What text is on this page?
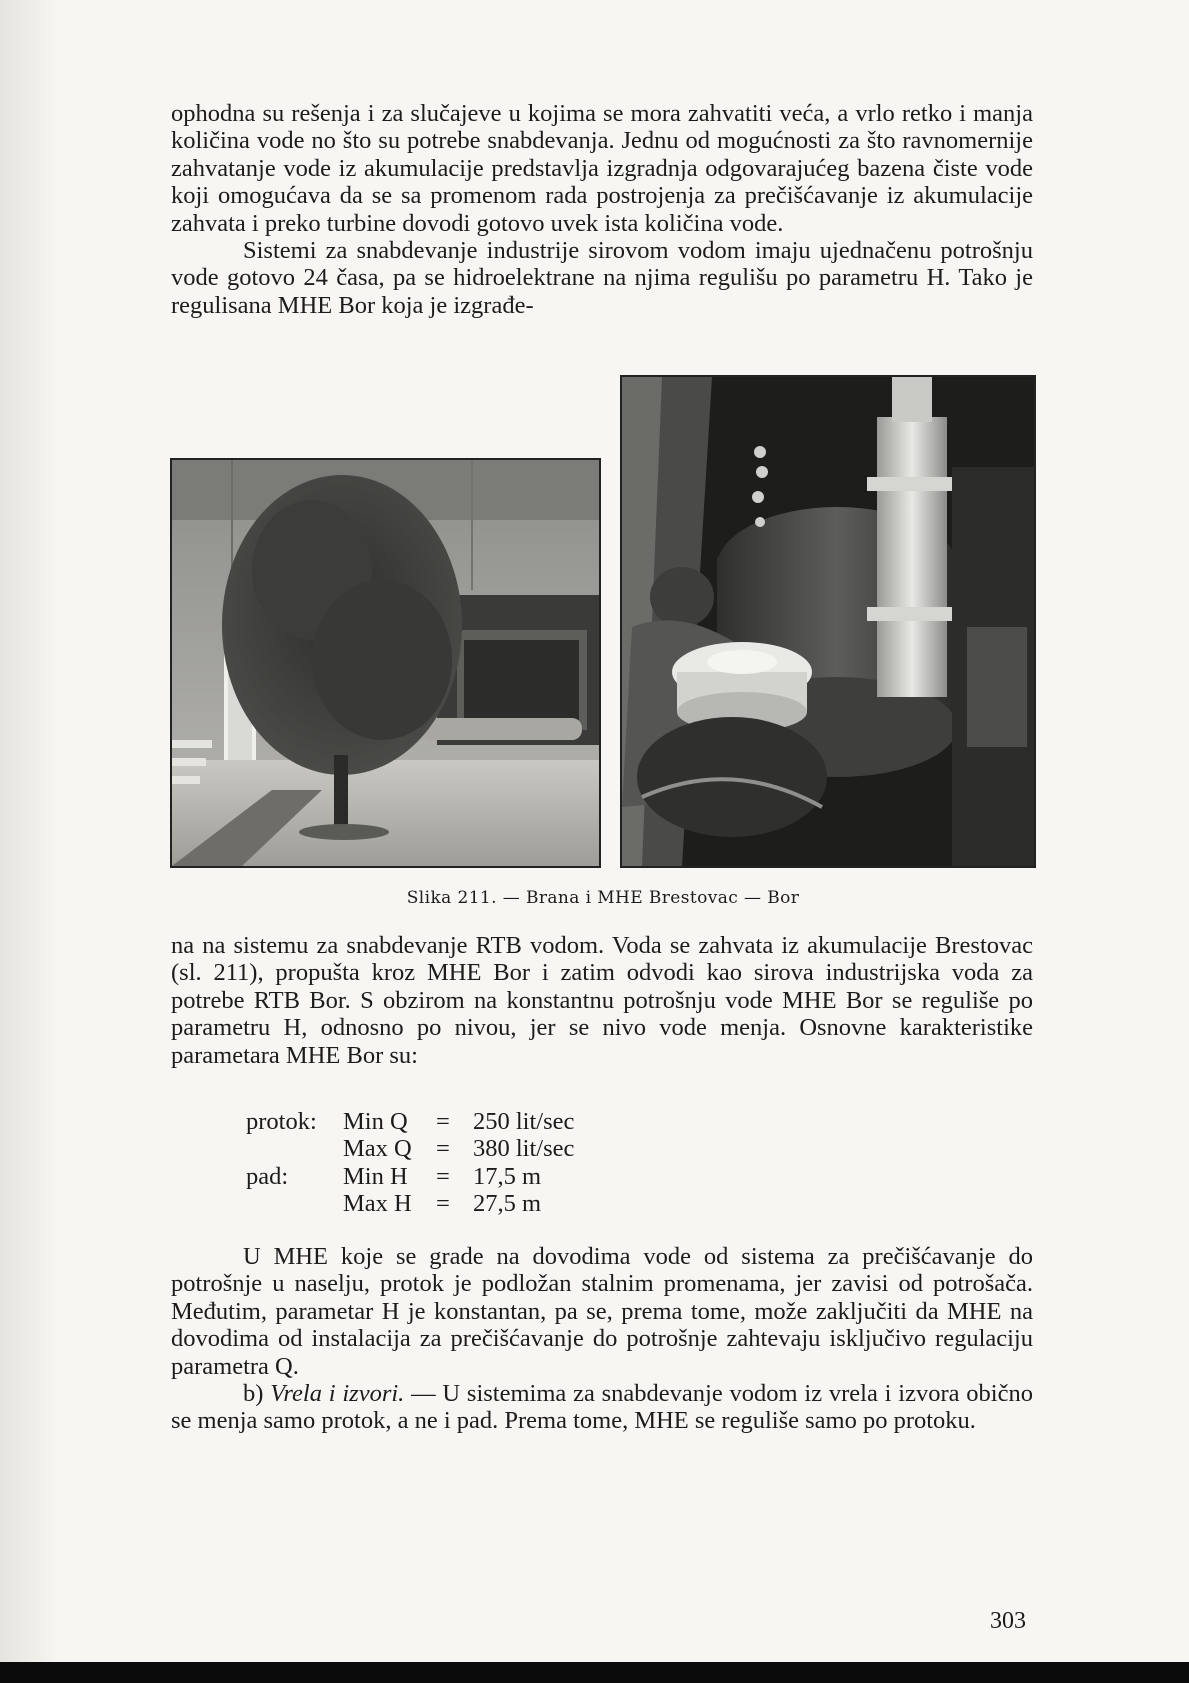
ophodna su rešenja i za slučajeve u kojima se mora zahvatiti veća, a vrlo retko i manja količina vode no što su potrebe snabdevanja. Jednu od mogućnosti za što ravnomernije zahvatanje vode iz akumulacije predstavlja izgradnja odgovarajućeg bazena čiste vode koji omogućava da se sa promenom rada postrojenja za prečišćavanje iz akumulacije zahvata i preko turbine dovodi gotovo uvek ista količina vode.

Sistemi za snabdevanje industrije sirovom vodom imaju ujednačenu potrošnju vode gotovo 24 časa, pa se hidroelektrane na njima regulišu po parametru H. Tako je regulisana MHE Bor koja je izgrađe-

Slika 211. — Brana i MHE Brestovac — Bor

na na sistemu za snabdevanje RTB vodom. Voda se zahvata iz akumulacije Brestovac (sl. 211), propušta kroz MHE Bor i zatim odvodi kao sirova industrijska voda za potrebe RTB Bor. S obzirom na konstantnu potrošnju vode MHE Bor se reguliše po parametru H, odnosno po nivou, jer se nivo vode menja. Osnovne karakteristike parametara MHE Bor su:

protok: Min Q = 250 lit/sec
Max Q = 380 lit/sec
pad: Min H = 17,5 m
Max H = 27,5 m

U MHE koje se grade na dovodima vode od sistema za prečišćavanje do potrošnje u naselju, protok je podložan stalnim promenama, jer zavisi od potrošača. Međutim, parametar H je konstantan, pa se, prema tome, može zaključiti da MHE na dovodima od instalacija za prečišćavanje do potrošnje zahtevaju isključivo regulaciju parametra Q.

b) Vrela i izvori. — U sistemima za snabdevanje vodom iz vrela i izvora obično se menja samo protok, a ne i pad. Prema tome, MHE se reguliše samo po protoku.

303
